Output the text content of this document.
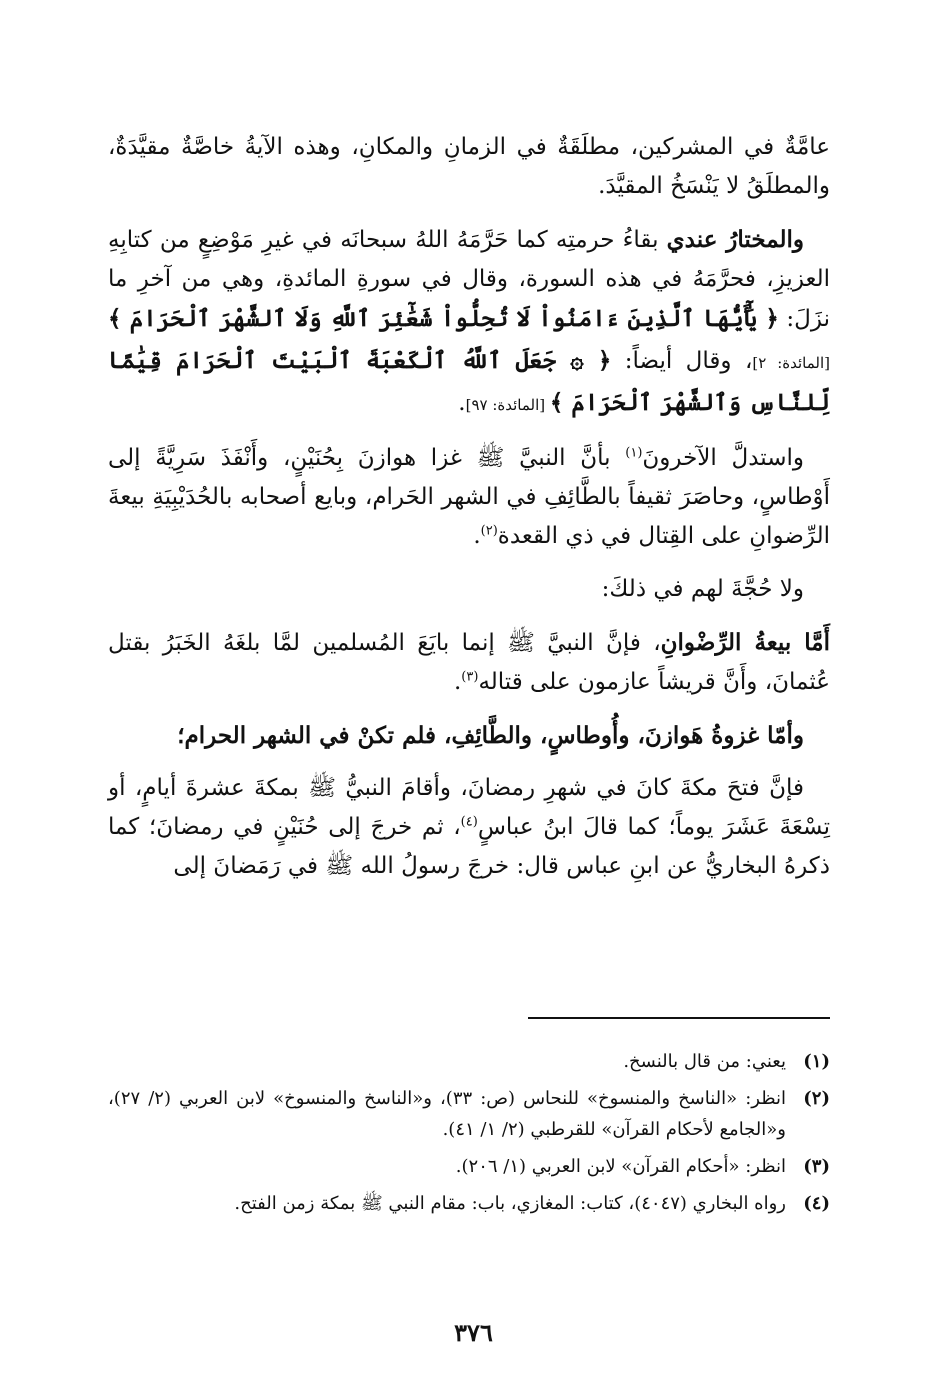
عامَّةٌ في المشركين، مطلَقَةٌ في الزمانِ والمكانِ، وهذه الآيةُ خاصَّةٌ مقيَّدَةٌ، والمطلَقُ لا يَنْسَخُ المقيَّدَ.

والمختارُ عندي بقاءُ حرمتِه كما حَرَّمَهُ اللهُ سبحانَه في غيرِ مَوْضِعٍ من كتابِهِ العزيزِ، فحرَّمَهُ في هذه السورة، وقال في سورةِ المائدةِ، وهي من آخرِ ما نزَلَ: ﴿ يَٰٓأَيُّهَا ٱلَّذِينَ ءَامَنُواْ لَا تُحِلُّواْ شَعَٰٓئِرَ ٱللَّهِ وَلَا ٱلشَّهْرَ ٱلْحَرَامَ ﴾ [المائدة: ٢]، وقال أيضاً: ﴿ ۞ جَعَلَ ٱللَّهُ ٱلْكَعْبَةَ ٱلْبَيْتَ ٱلْحَرَامَ قِيَٰمًا لِّلنَّاسِ وَٱلشَّهْرَ ٱلْحَرَامَ ﴾ [المائدة: ٩٧].

واستدلَّ الآخرونَ$^{(١)}$ بأنَّ النبيَّ ﷺ غزا هوازنَ بِحُنَيْنٍ، وأَنْفَذَ سَرِيَّةً إلى أَوْطاسٍ، وحاصَرَ ثقيفاً بالطَّائِفِ في الشهر الحَرام، وبايع أصحابه بالحُدَيْبِيَةِ بيعةَ الرِّضوانِ على القِتال في ذي القعدة$^{(٢)}$.

ولا حُجَّةَ لهم في ذلكَ:

أَمَّا بيعةُ الرِّضْوانِ، فإنَّ النبيَّ ﷺ إنما بايَعَ المُسلمين لمَّا بلغَهُ الخَبَرُ بقتل عُثمانَ، وأَنَّ قريشاً عازمون على قتاله$^{(٣)}$.

وأمّا غزوةُ هَوازنَ، وأُوطاسٍ، والطَّائِفِ، فلم تكنْ في الشهر الحرام؛

فإنَّ فتحَ مكةَ كانَ في شهرِ رمضانَ، وأقامَ النبيُّ ﷺ بمكةَ عشرةَ أيامٍ، أو تِسْعَةَ عَشَرَ يوماً؛ كما قالَ ابنُ عباسٍ$^{(٤)}$، ثم خرجَ إلى حُنَيْنٍ في رمضانَ؛ كما ذكرهُ البخاريُّ عن ابنِ عباس قال: خرجَ رسولُ الله ﷺ في رَمَضانَ إلى

(١)
يعني: من قال بالنسخ.
(٢)
انظر: «الناسخ والمنسوخ» للنحاس (ص: ٣٣)، و«الناسخ والمنسوخ» لابن العربي (٢/ ٢٧)، و«الجامع لأحكام القرآن» للقرطبي (٢/ ١/ ٤١).
(٣)
انظر: «أحكام القرآن» لابن العربي (١/ ٢٠٦).
(٤)
رواه البخاري (٤٠٤٧)، كتاب: المغازي، باب: مقام النبي ﷺ بمكة زمن الفتح.
٣٧٦
